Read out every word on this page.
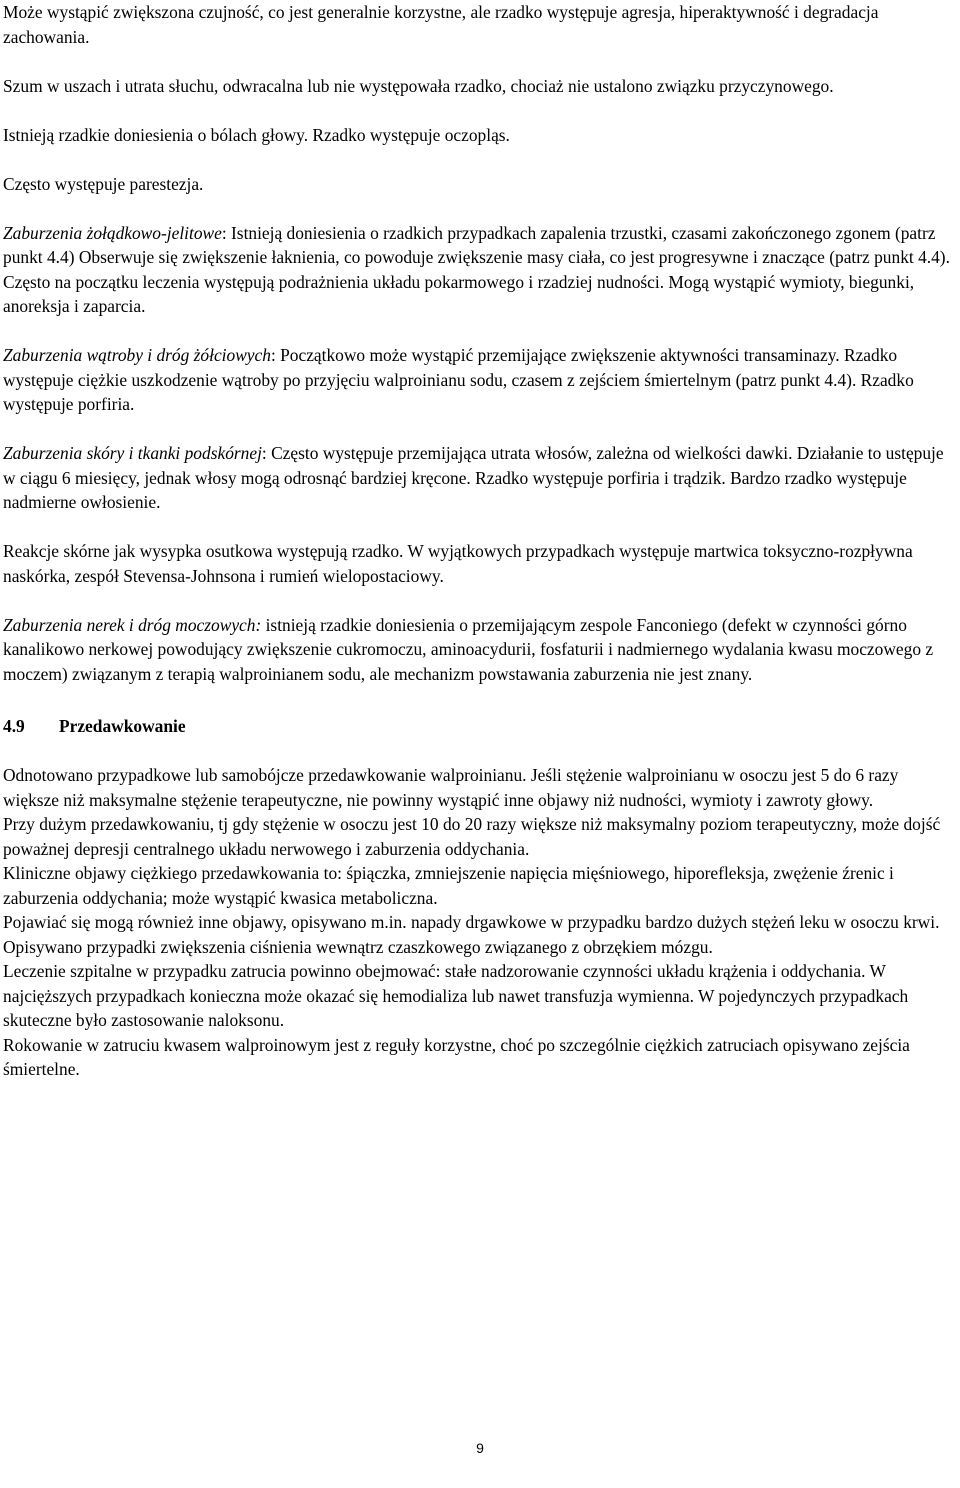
Może wystąpić zwiększona czujność, co jest generalnie korzystne, ale rzadko występuje agresja, hiperaktywność i degradacja zachowania.

Szum w uszach i utrata słuchu, odwracalna lub nie występowała rzadko, chociaż nie ustalono związku przyczynowego.

Istnieją rzadkie doniesienia o bólach głowy. Rzadko występuje oczopląs.

Często występuje parestezja.

Zaburzenia żołądkowo-jelitowe: Istnieją doniesienia o rzadkich przypadkach zapalenia trzustki, czasami zakończonego zgonem (patrz punkt 4.4) Obserwuje się zwiększenie łaknienia, co powoduje zwiększenie masy ciała, co jest progresywne i znaczące (patrz punkt 4.4). Często na początku leczenia występują podrażnienia układu pokarmowego i rzadziej nudności. Mogą wystąpić wymioty, biegunki, anoreksja i zaparcia.

Zaburzenia wątroby i dróg żółciowych: Początkowo może wystąpić przemijające zwiększenie aktywności transaminazy. Rzadko występuje ciężkie uszkodzenie wątroby po przyjęciu walproinianu sodu, czasem z zejściem śmiertelnym (patrz punkt 4.4). Rzadko występuje porfiria.

Zaburzenia skóry i tkanki podskórnej: Często występuje przemijająca utrata włosów, zależna od wielkości dawki. Działanie to ustępuje w ciągu 6 miesięcy, jednak włosy mogą odrosnąć bardziej kręcone. Rzadko występuje porfiria i trądzik. Bardzo rzadko występuje nadmierne owłosienie.

Reakcje skórne jak wysypka osutkowa występują rzadko. W wyjątkowych przypadkach występuje martwica toksyczno-rozpływna naskórka, zespół Stevensa-Johnsona i rumień wielopostaciowy.

Zaburzenia nerek i dróg moczowych: istnieją rzadkie doniesienia o przemijającym zespole Fanconiego (defekt w czynności górno kanalikowo nerkowej powodujący zwiększenie cukromoczu, aminoacydurii, fosfaturii i nadmiernego wydalania kwasu moczowego z moczem) związanym z terapią walproinianem sodu, ale mechanizm powstawania zaburzenia nie jest znany.

4.9 Przedawkowanie

Odnotowano przypadkowe lub samobójcze przedawkowanie walproinianu. Jeśli stężenie walproinianu w osoczu jest 5 do 6 razy większe niż maksymalne stężenie terapeutyczne, nie powinny wystąpić inne objawy niż nudności, wymioty i zawroty głowy.

Przy dużym przedawkowaniu, tj gdy stężenie w osoczu jest 10 do 20 razy większe niż maksymalny poziom terapeutyczny, może dojść poważnej depresji centralnego układu nerwowego i zaburzenia oddychania.

Kliniczne objawy ciężkiego przedawkowania to: śpiączka, zmniejszenie napięcia mięśniowego, hiporefleksja, zwężenie źrenic i zaburzenia oddychania; może wystąpić kwasica metaboliczna.

Pojawiać się mogą również inne objawy, opisywano m.in. napady drgawkowe w przypadku bardzo dużych stężeń leku w osoczu krwi.

Opisywano przypadki zwiększenia ciśnienia wewnątrz czaszkowego związanego z obrzękiem mózgu.

Leczenie szpitalne w przypadku zatrucia powinno obejmować: stałe nadzorowanie czynności układu krążenia i oddychania. W najcięższych przypadkach konieczna może okazać się hemodializa lub nawet transfuzja wymienna. W pojedynczych przypadkach skuteczne było zastosowanie naloksonu.

Rokowanie w zatruciu kwasem walproinowym jest z reguły korzystne, choć po szczególnie ciężkich zatruciach opisywano zejścia śmiertelne.

9
